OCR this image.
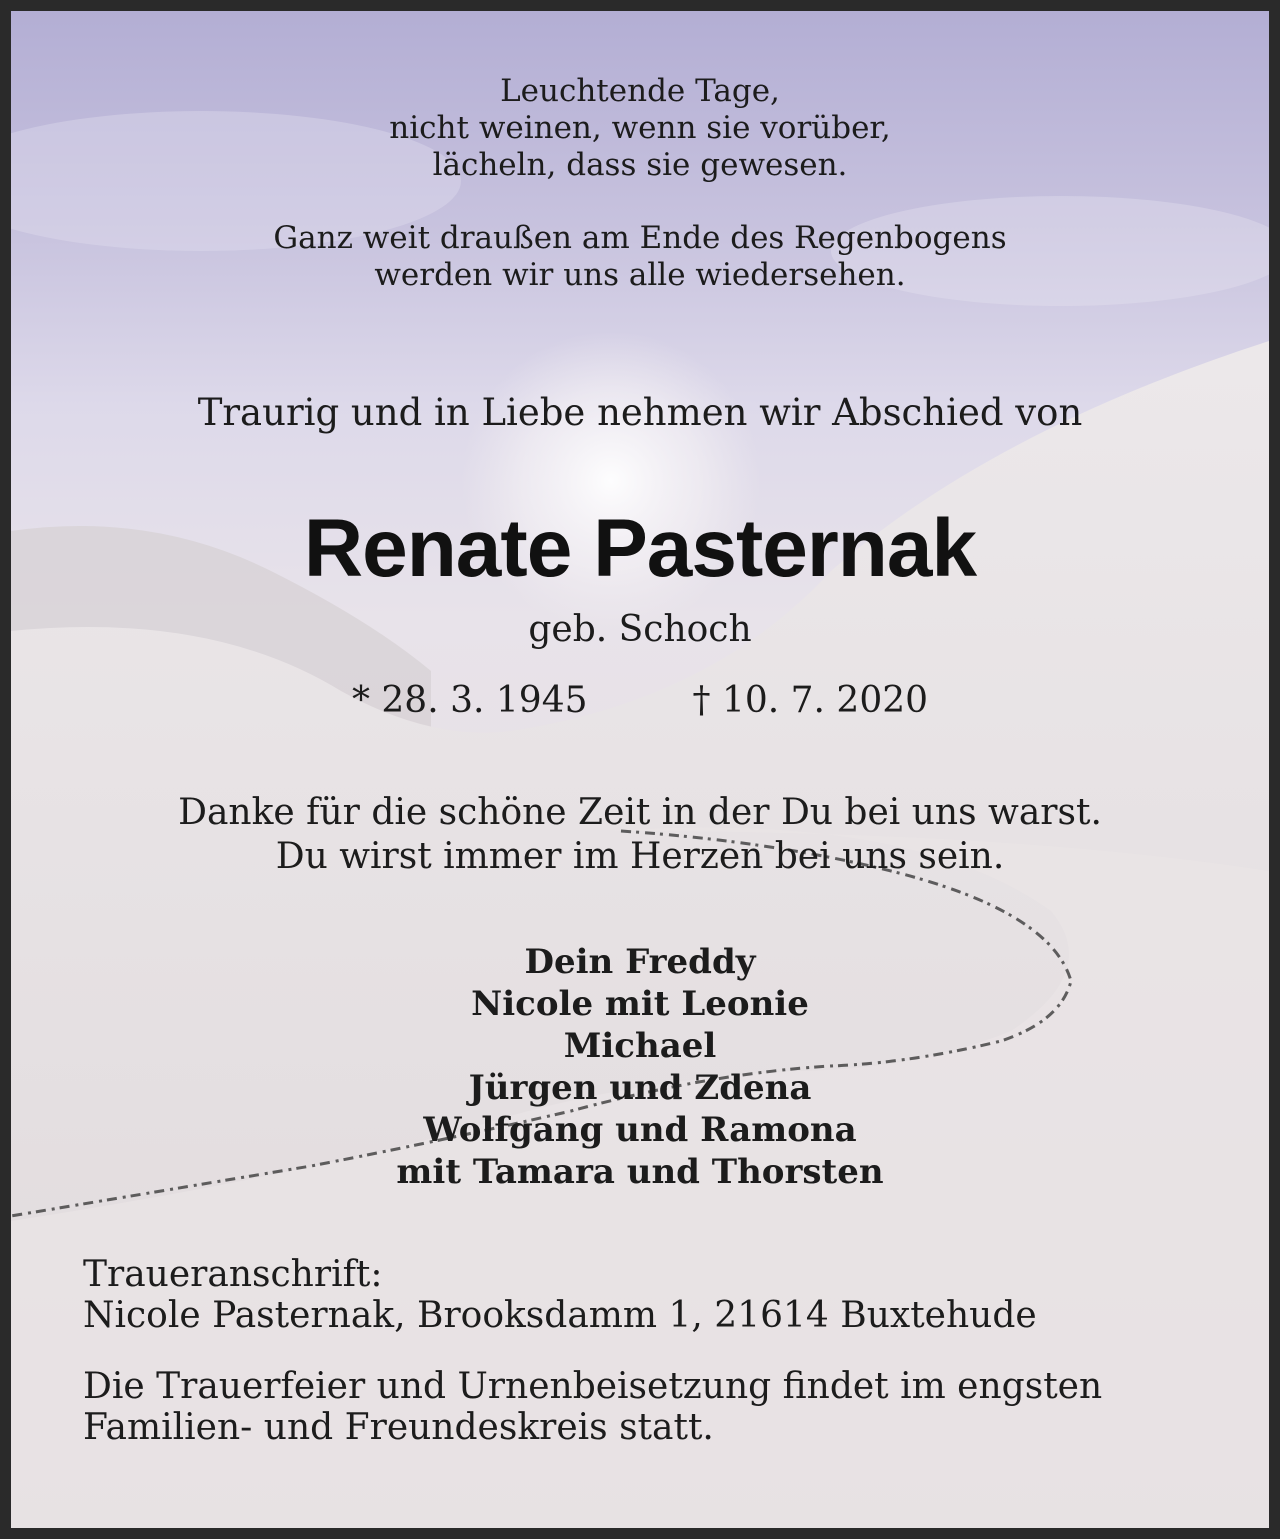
Leuchtende Tage,
nicht weinen, wenn sie vorüber,
lächeln, dass sie gewesen.
Ganz weit draußen am Ende des Regenbogens
werden wir uns alle wiedersehen.
Traurig und in Liebe nehmen wir Abschied von
Renate Pasternak
geb. Schoch
* 28. 3. 1945	† 10. 7. 2020
Danke für die schöne Zeit in der Du bei uns warst.
Du wirst immer im Herzen bei uns sein.
Dein Freddy
Nicole mit Leonie
Michael
Jürgen und Zdena
Wolfgang und Ramona
mit Tamara und Thorsten
Traueranschrift:
Nicole Pasternak, Brooksdamm 1, 21614 Buxtehude
Die Trauerfeier und Urnenbeisetzung findet im engsten
Familien- und Freundeskreis statt.
